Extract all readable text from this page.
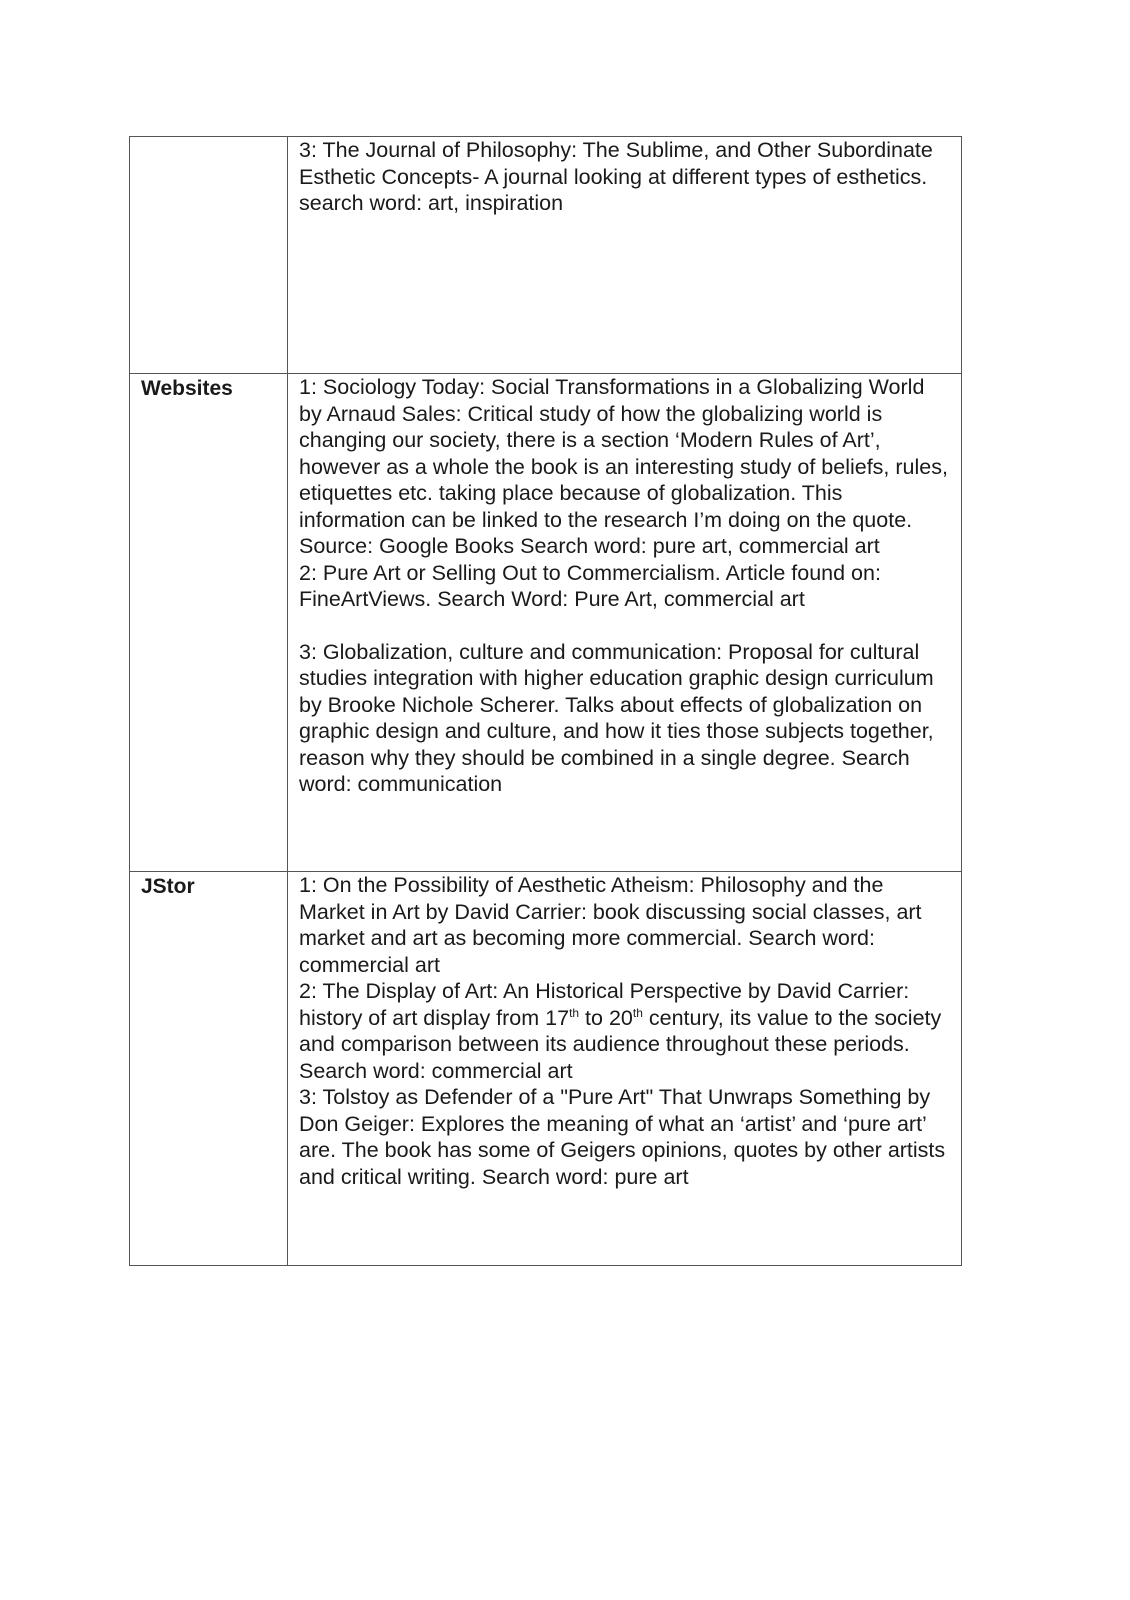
	3: The Journal of Philosophy: The Sublime, and Other Subordinate Esthetic Concepts- A journal looking at different types of esthetics. search word: art, inspiration

Websites	1: Sociology Today: Social Transformations in a Globalizing World by Arnaud Sales: Critical study of how the globalizing world is changing our society, there is a section ‘Modern Rules of Art’, however as a whole the book is an interesting study of beliefs, rules, etiquettes etc. taking place because of globalization. This information can be linked to the research I’m doing on the quote. Source: Google Books Search word: pure art, commercial art
2: Pure Art or Selling Out to Commercialism. Article found on: FineArtViews. Search Word: Pure Art, commercial art
3: Globalization, culture and communication: Proposal for cultural studies integration with higher education graphic design curriculum by Brooke Nichole Scherer. Talks about effects of globalization on graphic design and culture, and how it ties those subjects together, reason why they should be combined in a single degree. Search word: communication

JStor	1: On the Possibility of Aesthetic Atheism: Philosophy and the Market in Art by David Carrier: book discussing social classes, art market and art as becoming more commercial. Search word: commercial art
2: The Display of Art: An Historical Perspective by David Carrier: history of art display from 17th to 20th century, its value to the society and comparison between its audience throughout these periods. Search word: commercial art
3: Tolstoy as Defender of a "Pure Art" That Unwraps Something by Don Geiger: Explores the meaning of what an ‘artist’ and ‘pure art’ are. The book has some of Geigers opinions, quotes by other artists and critical writing. Search word: pure art
